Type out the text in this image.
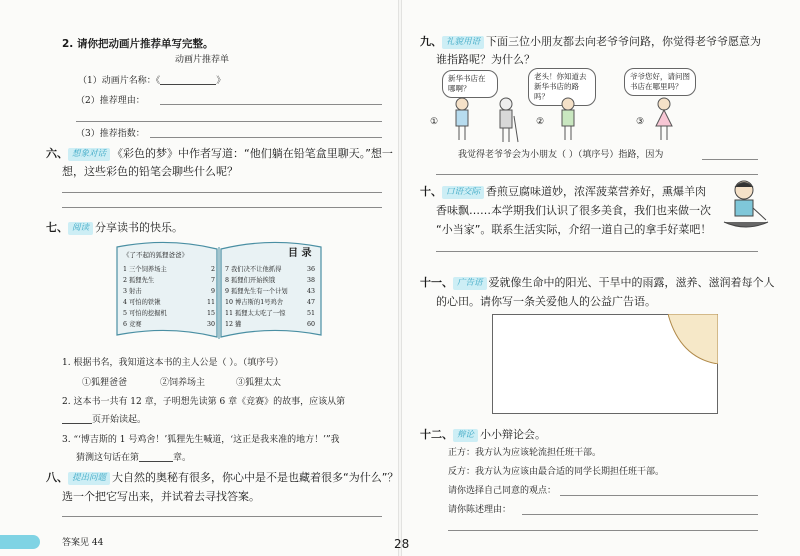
2. 请你把动画片推荐单写完整。
动画片推荐单
（1）动画片名称：《	》
（2）推荐理由：
（3）推荐指数：
六、 想象对话 《彩色的梦》中作者写道：“他们躺在铅笔盒里聊天。”想一
想，这些彩色的铅笔会聊些什么呢？
七、 阅读 分享读书的快乐。
《了不起的狐狸爸爸》	目 录
1 三个饲养场主	2
2 狐狸先生	7
3 射击	9
4 可怕的铁锹	11
5 可怕的挖掘机	15
6 竞赛	30
7 我们决不让他抓得	36
8 狐狸们开始挨饿	38
9 狐狸先生有一个计划	43
10 博吉斯的1号鸡舍	47
11 狐狸太太吃了一惊	51
12 獾	60
1. 根据书名，我知道这本书的主人公是（ ）。（填序号）
①狐狸爸爸	②饲养场主	③狐狸太太
2. 这本书一共有 12 章，子明想先读第 6 章《竞赛》的故事，应该从第
页开始读起。
3. “‘博吉斯的 1 号鸡舍！’狐狸先生喊道，‘这正是我来准的地方！’”我
猜测这句话在第	章。
八、 提出问题 大自然的奥秘有很多，你心中是不是也藏着很多“为什么”？
选一个把它写出来，并试着去寻找答案。
答案见 44
九、 礼貌用语 下面三位小朋友都去向老爷爷问路，你觉得老爷爷愿意为
谁指路呢？为什么？
新华书店在哪啊？
老头！你知道去新华书店的路吗？
爷爷您好，请问图书店在哪里吗？
①	②	③
我觉得老爷爷会为小朋友（ ）（填序号）指路，因为
十、 口语交际 香煎豆腐味道妙，浓浑菠菜营养好，熏爆羊肉
香味飘……本学期我们认识了很多美食，我们也来做一次
“小当家”。联系生活实际，介绍一道自己的拿手好菜吧！
十一、 广告语 爱就像生命中的阳光、干旱中的雨露，滋养、滋润着每个人
的心田。请你写一条关爱他人的公益广告语。
十二、 辩论 小小辩论会。
正方：我方认为应该轮流担任班干部。
反方：我方认为应该由最合适的同学长期担任班干部。
请你选择自己同意的观点：
请你陈述理由：
28
